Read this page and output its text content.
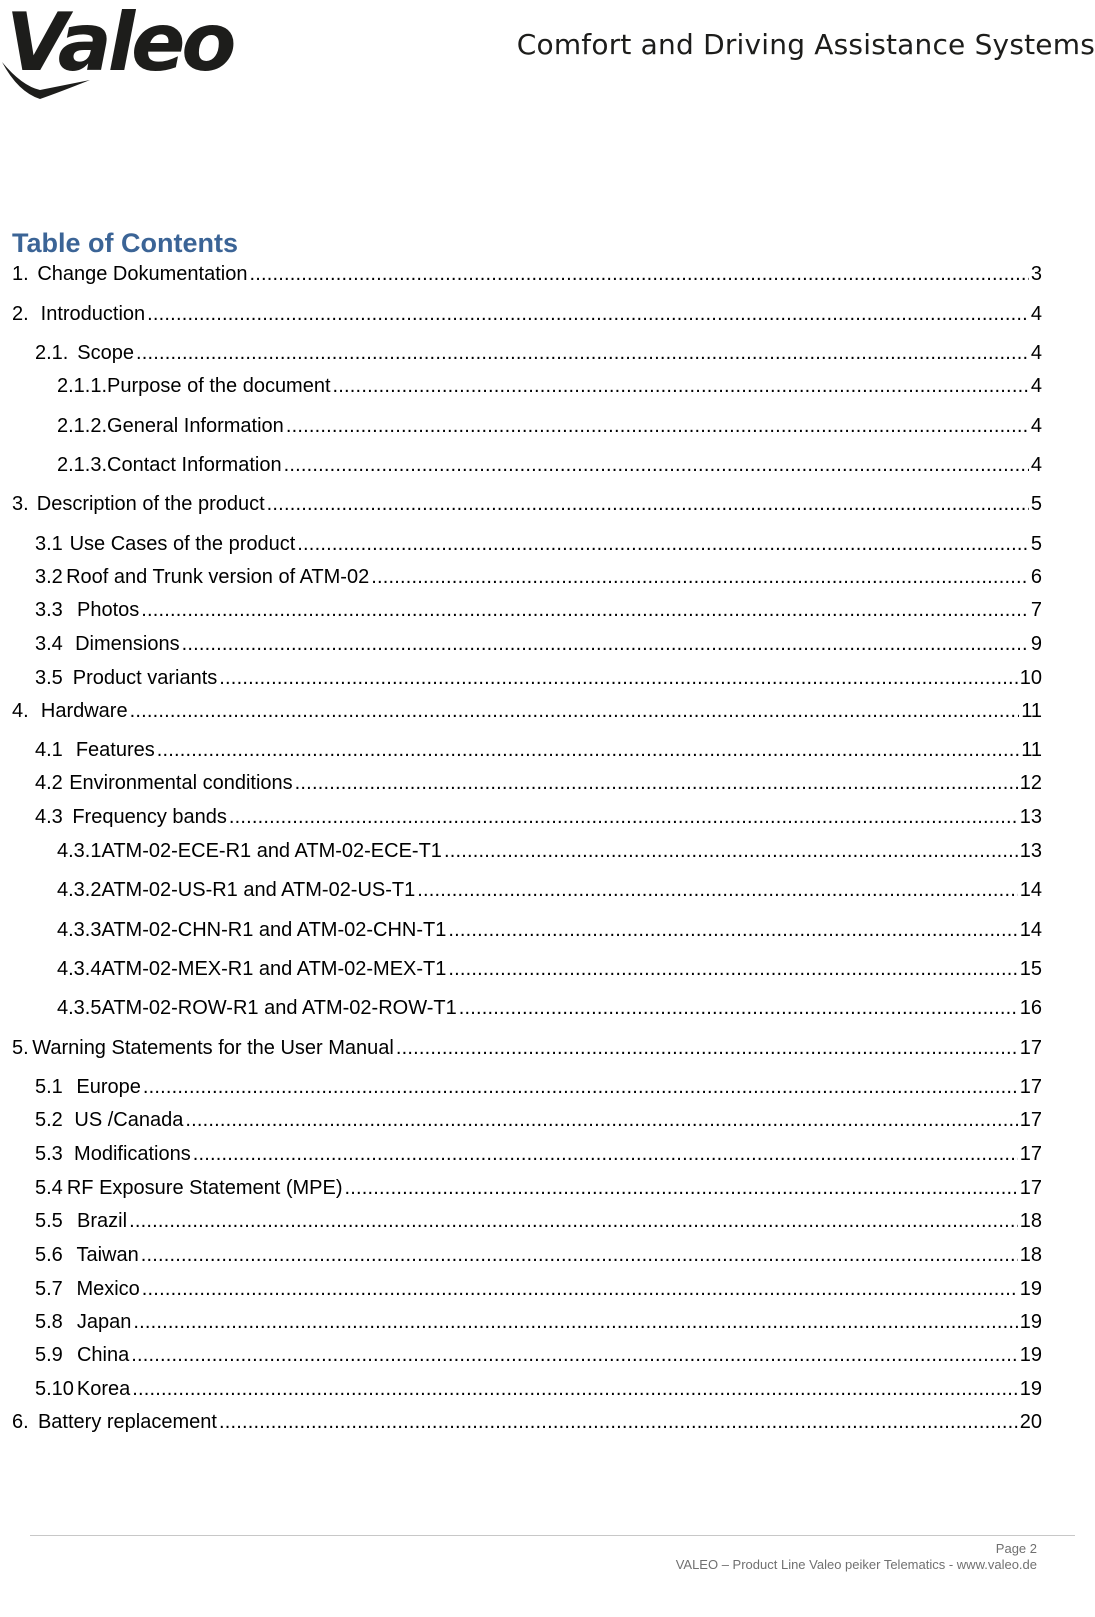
Valeo	Comfort and Driving Assistance Systems
Table of Contents
1. Change Dokumentation .....	3
2. Introduction .....	4
2.1. Scope .....	4
2.1.1. Purpose of the document .....	4
2.1.2. General Information .....	4
2.1.3. Contact Information .....	4
3. Description of the product .....	5
3.1 Use Cases of the product .....	5
3.2 Roof and Trunk version of ATM-02 .....	6
3.3 Photos .....	7
3.4 Dimensions .....	9
3.5 Product variants .....	10
4. Hardware .....	11
4.1 Features .....	11
4.2 Environmental conditions .....	12
4.3 Frequency bands .....	13
4.3.1 ATM-02-ECE-R1 and ATM-02-ECE-T1 .....	13
4.3.2 ATM-02-US-R1 and ATM-02-US-T1 .....	14
4.3.3 ATM-02-CHN-R1 and ATM-02-CHN-T1 .....	14
4.3.4 ATM-02-MEX-R1 and ATM-02-MEX-T1 .....	15
4.3.5 ATM-02-ROW-R1 and ATM-02-ROW-T1 .....	16
5. Warning Statements for the User Manual .....	17
5.1 Europe .....	17
5.2 US /Canada .....	17
5.3 Modifications .....	17
5.4 RF Exposure Statement (MPE) .....	17
5.5 Brazil .....	18
5.6 Taiwan .....	18
5.7 Mexico .....	19
5.8 Japan .....	19
5.9 China .....	19
5.10 Korea .....	19
6. Battery replacement .....	20
Page 2
VALEO – Product Line Valeo peiker Telematics - www.valeo.de
